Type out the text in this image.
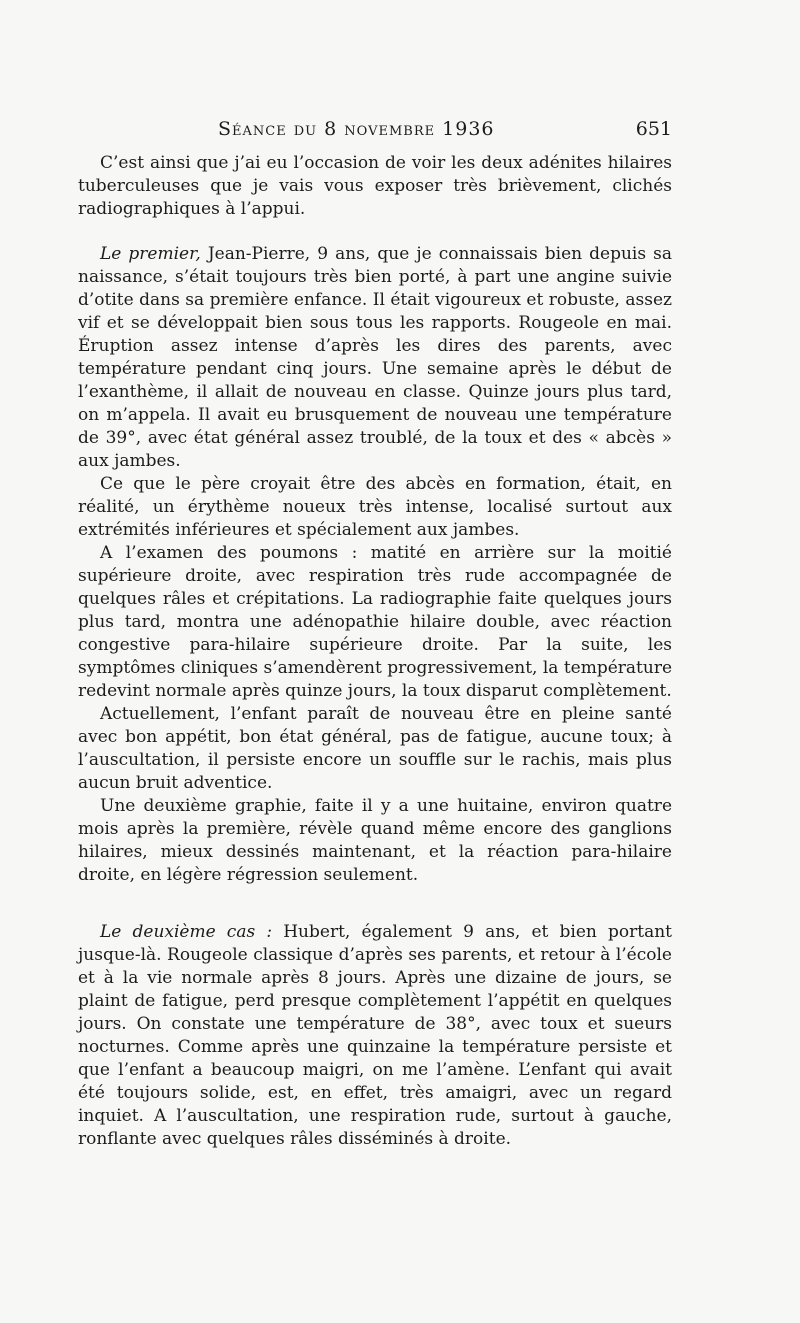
Séance du 8 novembre 1936	651

C’est ainsi que j’ai eu l’occasion de voir les deux adénites hilaires tuberculeuses que je vais vous exposer très brièvement, clichés radiographiques à l’appui.

Le premier, Jean-Pierre, 9 ans, que je connaissais bien depuis sa naissance, s’était toujours très bien porté, à part une angine suivie d’otite dans sa première enfance. Il était vigoureux et robuste, assez vif et se développait bien sous tous les rapports. Rougeole en mai. Éruption assez intense d’après les dires des parents, avec température pendant cinq jours. Une semaine après le début de l’exanthème, il allait de nouveau en classe. Quinze jours plus tard, on m’appela. Il avait eu brusquement de nouveau une température de 39°, avec état général assez troublé, de la toux et des « abcès » aux jambes.

Ce que le père croyait être des abcès en formation, était, en réalité, un érythème noueux très intense, localisé surtout aux extrémités inférieures et spécialement aux jambes.

A l’examen des poumons : matité en arrière sur la moitié supérieure droite, avec respiration très rude accompagnée de quelques râles et crépitations. La radiographie faite quelques jours plus tard, montra une adénopathie hilaire double, avec réaction congestive para-hilaire supérieure droite. Par la suite, les symptômes cliniques s’amendèrent progressivement, la température redevint normale après quinze jours, la toux disparut complètement.

Actuellement, l’enfant paraît de nouveau être en pleine santé avec bon appétit, bon état général, pas de fatigue, aucune toux; à l’auscultation, il persiste encore un souffle sur le rachis, mais plus aucun bruit adventice.

Une deuxième graphie, faite il y a une huitaine, environ quatre mois après la première, révèle quand même encore des ganglions hilaires, mieux dessinés maintenant, et la réaction para-hilaire droite, en légère régression seulement.

Le deuxième cas : Hubert, également 9 ans, et bien portant jusque-là. Rougeole classique d’après ses parents, et retour à l’école et à la vie normale après 8 jours. Après une dizaine de jours, se plaint de fatigue, perd presque complètement l’appétit en quelques jours. On constate une température de 38°, avec toux et sueurs nocturnes. Comme après une quinzaine la température persiste et que l’enfant a beaucoup maigri, on me l’amène. L’enfant qui avait été toujours solide, est, en effet, très amaigri, avec un regard inquiet. A l’auscultation, une respiration rude, surtout à gauche, ronflante avec quelques râles disséminés à droite.
